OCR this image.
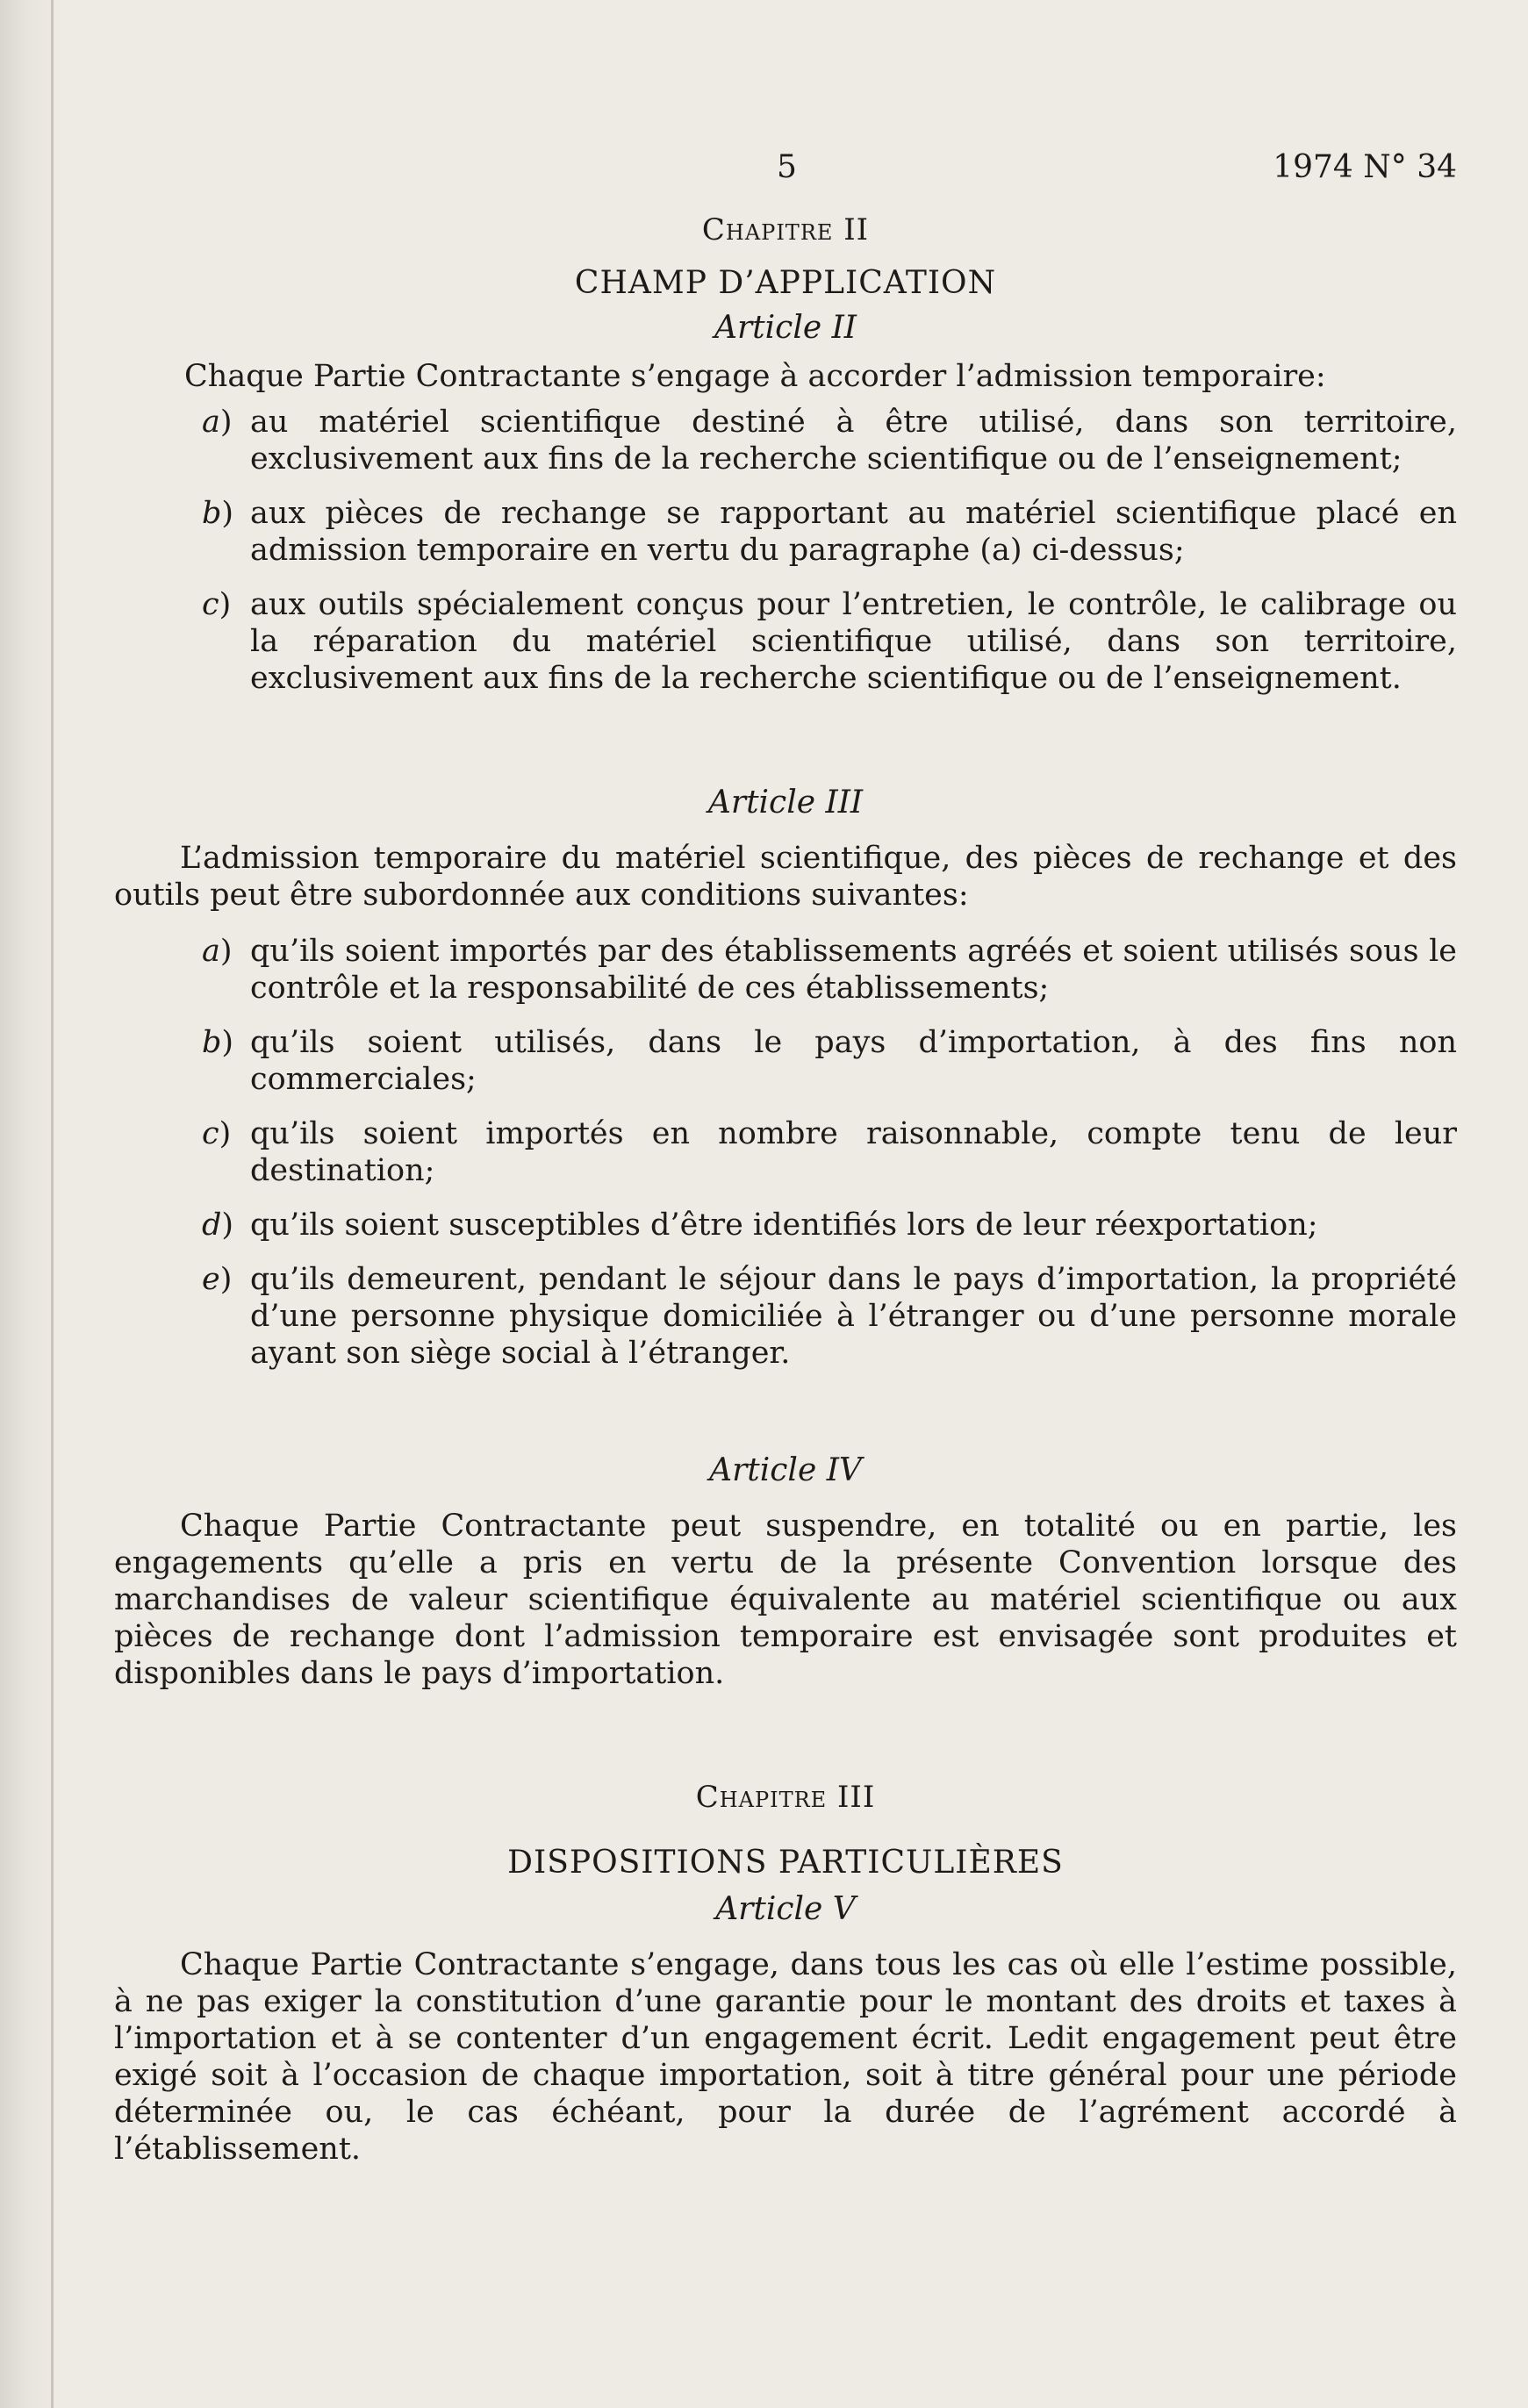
5	1974 N° 34

Chapitre II

CHAMP D’APPLICATION

Article II

Chaque Partie Contractante s’engage à accorder l’admission temporaire:

a) au matériel scientifique destiné à être utilisé, dans son territoire, exclusivement aux fins de la recherche scientifique ou de l’enseignement;
b) aux pièces de rechange se rapportant au matériel scientifique placé en admission temporaire en vertu du paragraphe (a) ci-dessus;
c) aux outils spécialement conçus pour l’entretien, le contrôle, le calibrage ou la réparation du matériel scientifique utilisé, dans son territoire, exclusivement aux fins de la recherche scientifique ou de l’enseignement.

Article III

L’admission temporaire du matériel scientifique, des pièces de rechange et des outils peut être subordonnée aux conditions suivantes:

a) qu’ils soient importés par des établissements agréés et soient utilisés sous le contrôle et la responsabilité de ces établissements;
b) qu’ils soient utilisés, dans le pays d’importation, à des fins non commerciales;
c) qu’ils soient importés en nombre raisonnable, compte tenu de leur destination;
d) qu’ils soient susceptibles d’être identifiés lors de leur réexportation;
e) qu’ils demeurent, pendant le séjour dans le pays d’importation, la propriété d’une personne physique domiciliée à l’étranger ou d’une personne morale ayant son siège social à l’étranger.

Article IV

Chaque Partie Contractante peut suspendre, en totalité ou en partie, les engagements qu’elle a pris en vertu de la présente Convention lorsque des marchandises de valeur scientifique équivalente au matériel scientifique ou aux pièces de rechange dont l’admission temporaire est envisagée sont produites et disponibles dans le pays d’importation.

Chapitre III

DISPOSITIONS PARTICULIÈRES

Article V

Chaque Partie Contractante s’engage, dans tous les cas où elle l’estime possible, à ne pas exiger la constitution d’une garantie pour le montant des droits et taxes à l’importation et à se contenter d’un engagement écrit. Ledit engagement peut être exigé soit à l’occasion de chaque importation, soit à titre général pour une période déterminée ou, le cas échéant, pour la durée de l’agrément accordé à l’établissement.
